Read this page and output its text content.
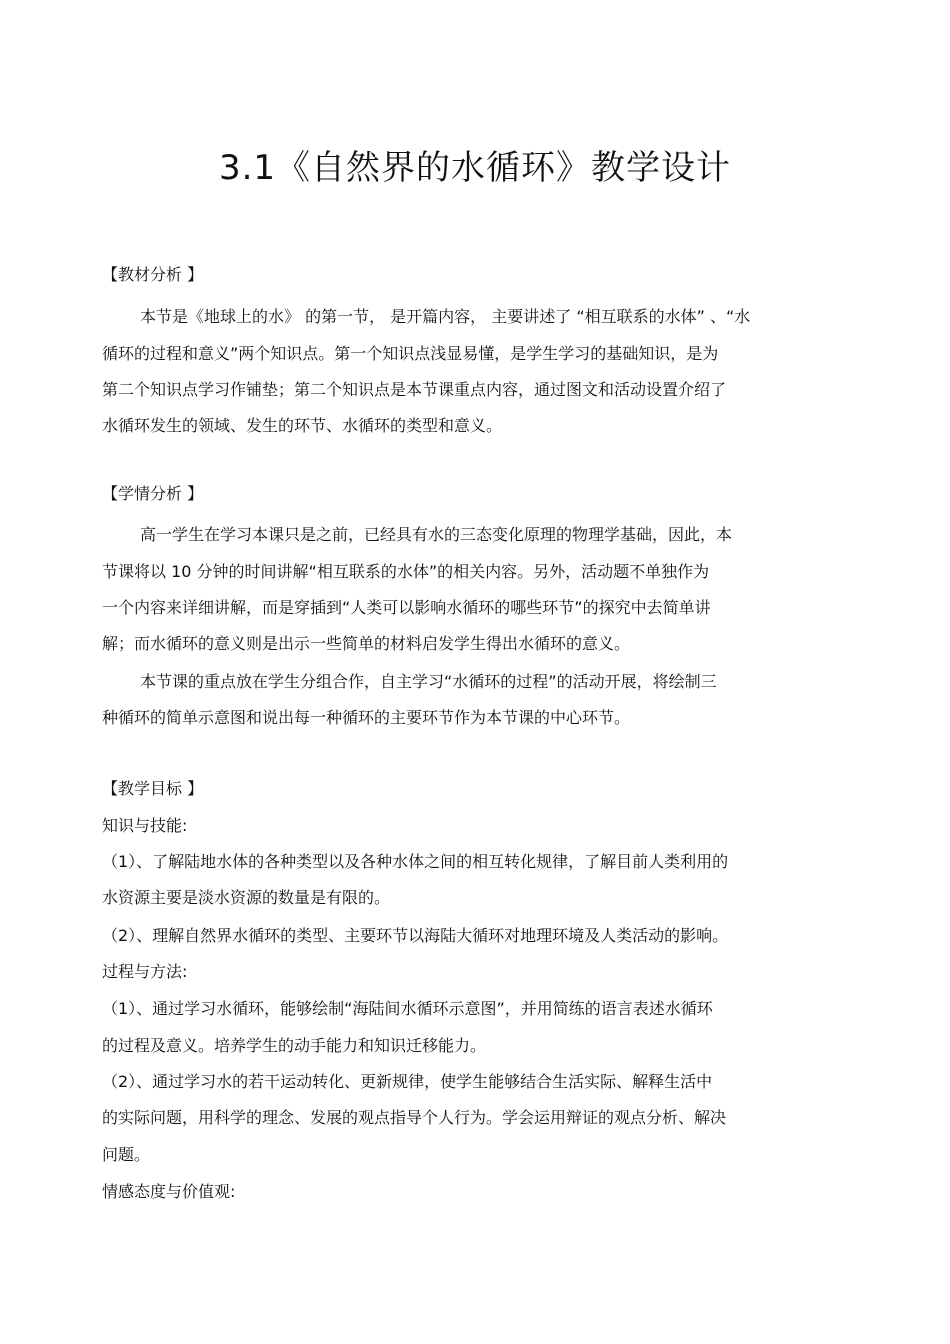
3.1《自然界的水循环》教学设计
【教材分析 】
本节是《地球上的水》 的第一节， 是开篇内容， 主要讲述了 “相互联系的水体” 、“水
循环的过程和意义”两个知识点。第一个知识点浅显易懂，是学生学习的基础知识，是为
第二个知识点学习作铺垫；第二个知识点是本节课重点内容，通过图文和活动设置介绍了
水循环发生的领域、发生的环节、水循环的类型和意义。
【学情分析 】
高一学生在学习本课只是之前，已经具有水的三态变化原理的物理学基础，因此，本
节课将以 10 分钟的时间讲解“相互联系的水体”的相关内容。另外，活动题不单独作为
一个内容来详细讲解，而是穿插到“人类可以影响水循环的哪些环节”的探究中去简单讲
解；而水循环的意义则是出示一些简单的材料启发学生得出水循环的意义。
本节课的重点放在学生分组合作，自主学习“水循环的过程”的活动开展，将绘制三
种循环的简单示意图和说出每一种循环的主要环节作为本节课的中心环节。
【教学目标 】
知识与技能:
（1）、了解陆地水体的各种类型以及各种水体之间的相互转化规律，了解目前人类利用的
水资源主要是淡水资源的数量是有限的。
（2）、理解自然界水循环的类型、主要环节以海陆大循环对地理环境及人类活动的影响。
过程与方法:
（1）、通过学习水循环，能够绘制“海陆间水循环示意图”，并用简练的语言表述水循环
的过程及意义。培养学生的动手能力和知识迁移能力。
（2）、通过学习水的若干运动转化、更新规律，使学生能够结合生活实际、解释生活中
的实际问题，用科学的理念、发展的观点指导个人行为。学会运用辩证的观点分析、解决
问题。
情感态度与价值观:
